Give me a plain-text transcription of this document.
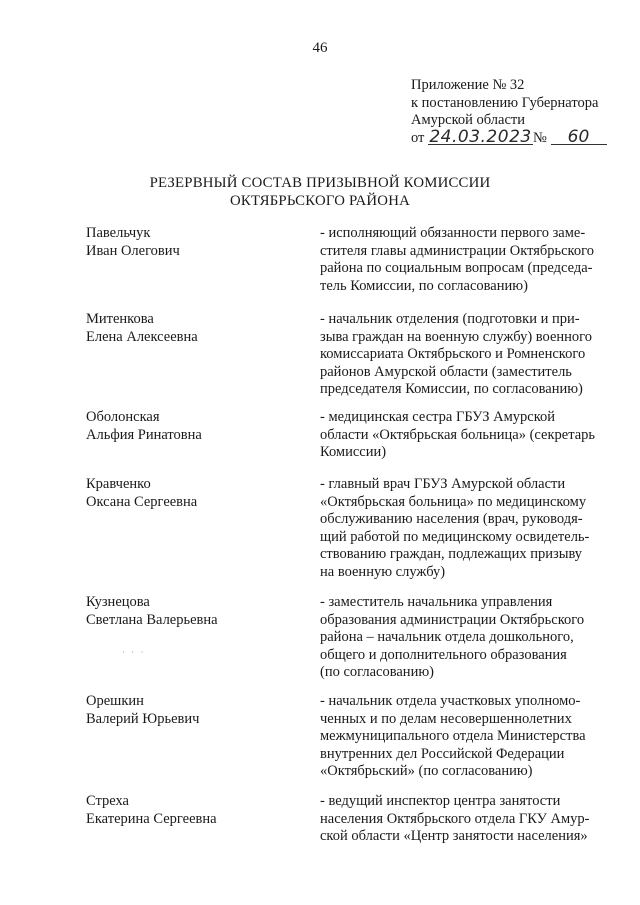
46
Приложение № 32
к постановлению Губернатора
Амурской области
от 24.03.2023№ 60
РЕЗЕРВНЫЙ СОСТАВ ПРИЗЫВНОЙ КОМИССИИ
ОКТЯБРЬСКОГО РАЙОНА
Павельчук
Иван Олегович
- исполняющий обязанности первого заме-
стителя главы администрации Октябрьского
района по социальным вопросам (председа-
тель Комиссии, по согласованию)
Митенкова
Елена Алексеевна
- начальник отделения (подготовки и при-
зыва граждан на военную службу) военного
комиссариата Октябрьского и Ромненского
районов Амурской области (заместитель
председателя Комиссии, по согласованию)
Оболонская
Альфия Ринатовна
- медицинская сестра ГБУЗ Амурской
области «Октябрьская больница» (секретарь
Комиссии)
Кравченко
Оксана Сергеевна
- главный врач ГБУЗ Амурской области
«Октябрьская больница» по медицинскому
обслуживанию населения (врач, руководя-
щий работой по медицинскому освидетель-
ствованию граждан, подлежащих призыву
на военную службу)
Кузнецова
Светлана Валерьевна
- заместитель начальника управления
образования администрации Октябрьского
района – начальник отдела дошкольного,
общего и дополнительного образования
(по согласованию)
· · ·
Орешкин
Валерий Юрьевич
- начальник отдела участковых уполномо-
ченных и по делам несовершеннолетних
межмуниципального отдела Министерства
внутренних дел Российской Федерации
«Октябрьский» (по согласованию)
Стреха
Екатерина Сергеевна
- ведущий инспектор центра занятости
населения Октябрьского отдела ГКУ Амур-
ской области «Центр занятости населения»
